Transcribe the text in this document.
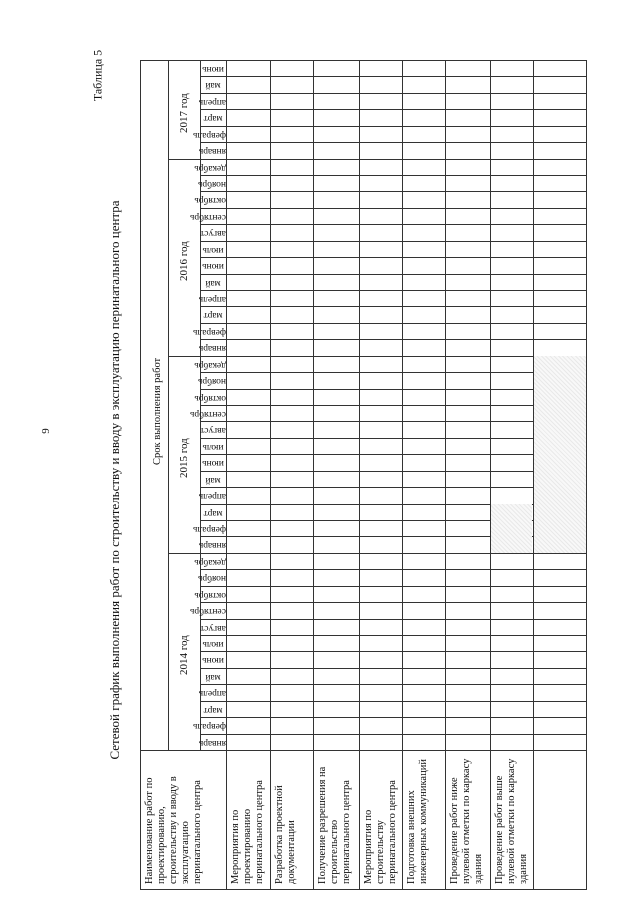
9	Сетевой график выполнения работ по строительству и вводу в эксплуатацию перинатального центра
Таблица 5
январь
февраль
март
апрель
май
июнь
июль
август
сентябрь
октябрь
ноябрь
декабрь
январь
февраль
март
апрель
май
июнь
июль
август
сентябрь
октябрь
ноябрь
декабрь
январь
февраль
март
апрель
май
июнь
июль
август
сентябрь
октябрь
ноябрь
декабрь
январь
февраль
март
апрель
май
июнь
2014 год
2015 год
2016 год
2017 год
Срок выполнения работ
Наименование работ по проектированию, строительству и вводу в эксплуатацию перинатального центра	Мероприятия по проектированию перинатального центра Разработка проектной документации Получение разрешения на строительство перинатального центра Мероприятия по строительству перинатального центра Подготовка внешних инженерных коммуникаций Проведение работ ниже нулевой отметки по каркасу здания Проведение работ выше нулевой отметки по каркасу здания
